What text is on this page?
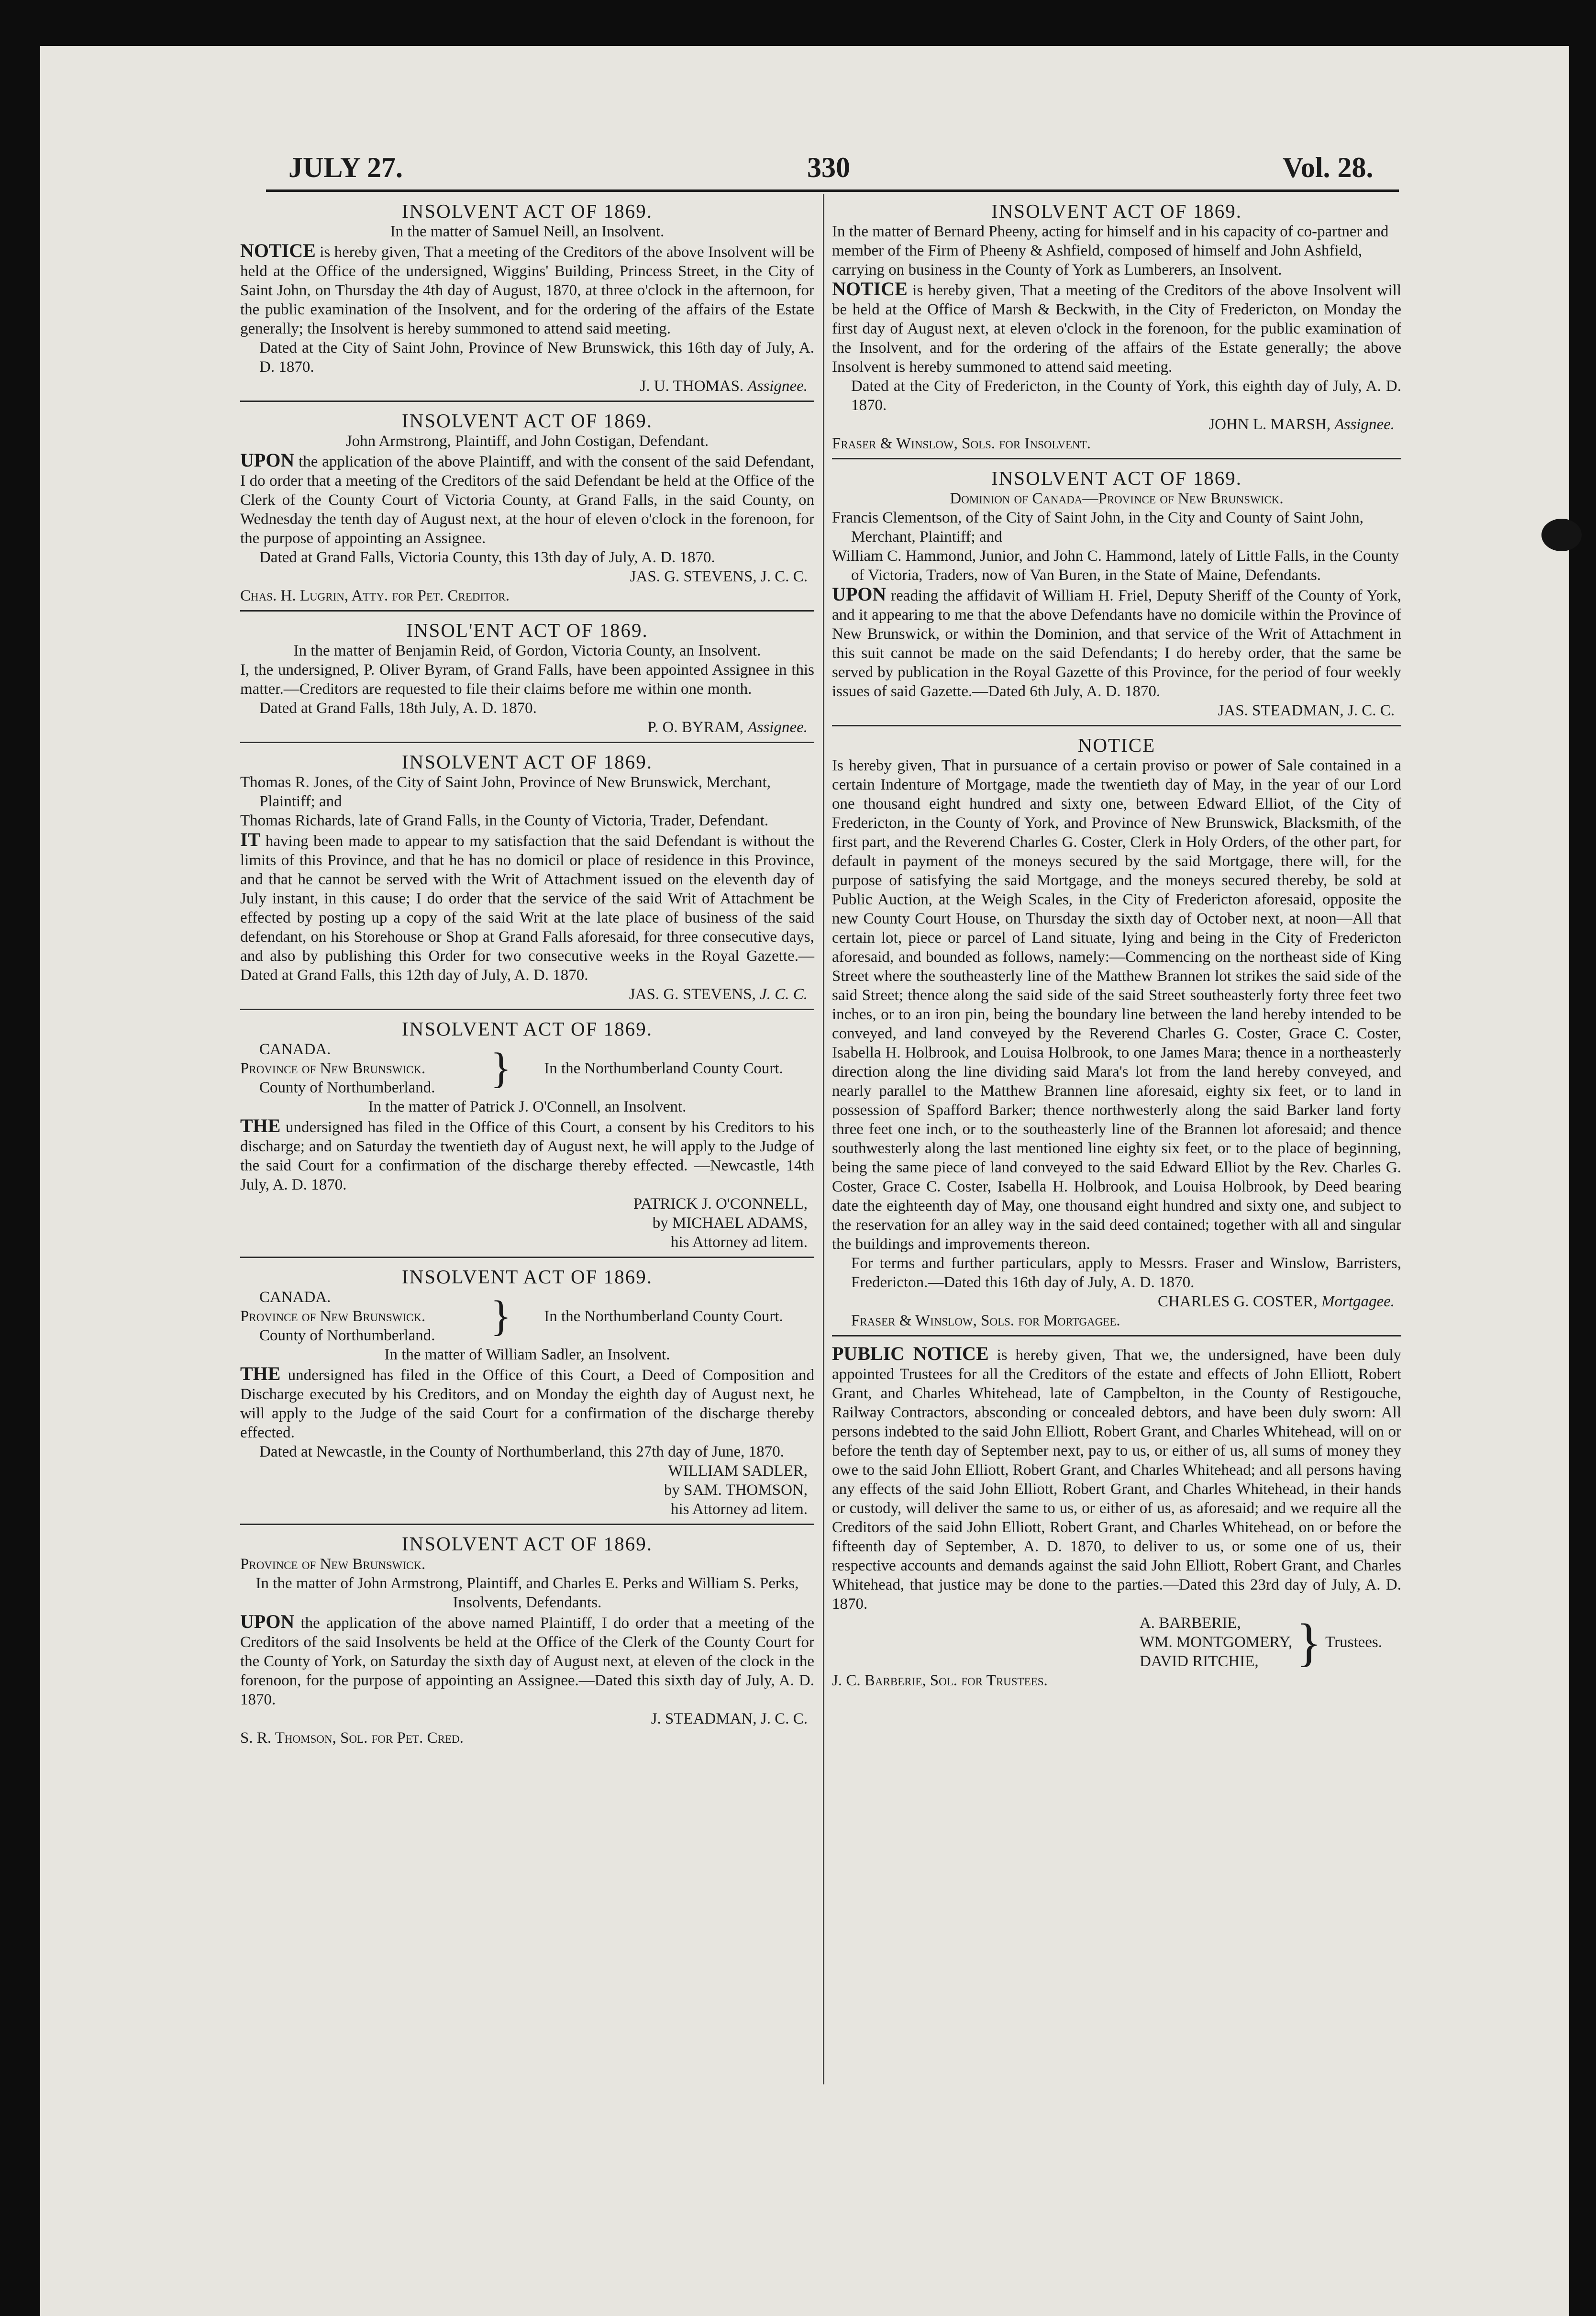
JULY 27.	330	Vol. 28.
INSOLVENT ACT OF 1869.
In the matter of Samuel Neill, an Insolvent.

NOTICE is hereby given, That a meeting of the Creditors of the above Insolvent will be held at the Office of the undersigned, Wiggins' Building, Princess Street, in the City of Saint John, on Thursday the 4th day of August, 1870, at three o'clock in the afternoon, for the public examination of the Insolvent, and for the ordering of the affairs of the Estate generally; the Insolvent is hereby summoned to attend said meeting.

Dated at the City of Saint John, Province of New Brunswick, this 16th day of July, A. D. 1870.

J. U. THOMAS. Assignee.
INSOLVENT ACT OF 1869.
John Armstrong, Plaintiff, and John Costigan, Defendant.

UPON the application of the above Plaintiff, and with the consent of the said Defendant, I do order that a meeting of the Creditors of the said Defendant be held at the Office of the Clerk of the County Court of Victoria County, at Grand Falls, in the said County, on Wednesday the tenth day of August next, at the hour of eleven o'clock in the forenoon, for the purpose of appointing an Assignee.

Dated at Grand Falls, Victoria County, this 13th day of July, A. D. 1870.

JAS. G. STEVENS, J. C. C.
Chas. H. Lugrin, Atty. for Pet. Creditor.
INSOL'ENT ACT OF 1869.
In the matter of Benjamin Reid, of Gordon, Victoria County, an Insolvent.

I, the undersigned, P. Oliver Byram, of Grand Falls, have been appointed Assignee in this matter.—Creditors are requested to file their claims before me within one month.

Dated at Grand Falls, 18th July, A. D. 1870.

P. O. BYRAM, Assignee.
INSOLVENT ACT OF 1869.
Thomas R. Jones, of the City of Saint John, Province of New Brunswick, Merchant, Plaintiff; and
Thomas Richards, late of Grand Falls, in the County of Victoria, Trader, Defendant.

IT having been made to appear to my satisfaction that the said Defendant is without the limits of this Province, and that he has no domicil or place of residence in this Province, and that he cannot be served with the Writ of Attachment issued on the eleventh day of July instant, in this cause; I do order that the service of the said Writ of Attachment be effected by posting up a copy of the said Writ at the late place of business of the said defendant, on his Storehouse or Shop at Grand Falls aforesaid, for three consecutive days, and also by publishing this Order for two consecutive weeks in the Royal Gazette.— Dated at Grand Falls, this 12th day of July, A. D. 1870.

JAS. G. STEVENS, J. C. C.
INSOLVENT ACT OF 1869.
CANADA.
Province of New Brunswick.
County of Northumberland.	}	In the Northumberland County Court.
In the matter of Patrick J. O'Connell, an Insolvent.

THE undersigned has filed in the Office of this Court, a consent by his Creditors to his discharge; and on Saturday the twentieth day of August next, he will apply to the Judge of the said Court for a confirmation of the discharge thereby effected. —Newcastle, 14th July, A. D. 1870.

PATRICK J. O'CONNELL,
by MICHAEL ADAMS,
his Attorney ad litem.
INSOLVENT ACT OF 1869.
CANADA.
Province of New Brunswick.
County of Northumberland.	}	In the Northumberland County Court.
In the matter of William Sadler, an Insolvent.

THE undersigned has filed in the Office of this Court, a Deed of Composition and Discharge executed by his Creditors, and on Monday the eighth day of August next, he will apply to the Judge of the said Court for a confirmation of the discharge thereby effected.

Dated at Newcastle, in the County of Northumberland, this 27th day of June, 1870.

WILLIAM SADLER,
by SAM. THOMSON,
his Attorney ad litem.
INSOLVENT ACT OF 1869.
Province of New Brunswick.
In the matter of John Armstrong, Plaintiff, and Charles E. Perks and William S. Perks, Insolvents, Defendants.

UPON the application of the above named Plaintiff, I do order that a meeting of the Creditors of the said Insolvents be held at the Office of the Clerk of the County Court for the County of York, on Saturday the sixth day of August next, at eleven of the clock in the forenoon, for the purpose of appointing an Assignee.—Dated this sixth day of July, A. D. 1870.

J. STEADMAN, J. C. C.
S. R. Thomson, Sol. for Pet. Cred.
INSOLVENT ACT OF 1869.
In the matter of Bernard Pheeny, acting for himself and in his capacity of co-partner and member of the Firm of Pheeny & Ashfield, composed of himself and John Ashfield, carrying on business in the County of York as Lumberers, an Insolvent.

NOTICE is hereby given, That a meeting of the Creditors of the above Insolvent will be held at the Office of Marsh & Beckwith, in the City of Fredericton, on Monday the first day of August next, at eleven o'clock in the forenoon, for the public examination of the Insolvent, and for the ordering of the affairs of the Estate generally; the above Insolvent is hereby summoned to attend said meeting.

Dated at the City of Fredericton, in the County of York, this eighth day of July, A. D. 1870.

JOHN L. MARSH, Assignee.
Fraser & Winslow, Sols. for Insolvent.
INSOLVENT ACT OF 1869.
Dominion of Canada—Province of New Brunswick.
Francis Clementson, of the City of Saint John, in the City and County of Saint John, Merchant, Plaintiff; and
William C. Hammond, Junior, and John C. Hammond, lately of Little Falls, in the County of Victoria, Traders, now of Van Buren, in the State of Maine, Defendants.

UPON reading the affidavit of William H. Friel, Deputy Sheriff of the County of York, and it appearing to me that the above Defendants have no domicile within the Province of New Brunswick, or within the Dominion, and that service of the Writ of Attachment in this suit cannot be made on the said Defendants; I do hereby order, that the same be served by publication in the Royal Gazette of this Province, for the period of four weekly issues of said Gazette.—Dated 6th July, A. D. 1870.

JAS. STEADMAN, J. C. C.
NOTICE

Is hereby given, That in pursuance of a certain proviso or power of Sale contained in a certain Indenture of Mortgage, made the twentieth day of May, in the year of our Lord one thousand eight hundred and sixty one, between Edward Elliot, of the City of Fredericton, in the County of York, and Province of New Brunswick, Blacksmith, of the first part, and the Reverend Charles G. Coster, Clerk in Holy Orders, of the other part, for default in payment of the moneys secured by the said Mortgage, there will, for the purpose of satisfying the said Mortgage, and the moneys secured thereby, be sold at Public Auction, at the Weigh Scales, in the City of Fredericton aforesaid, opposite the new County Court House, on Thursday the sixth day of October next, at noon—All that certain lot, piece or parcel of Land situate, lying and being in the City of Fredericton aforesaid, and bounded as follows, namely:—Commencing on the northeast side of King Street where the southeasterly line of the Matthew Brannen lot strikes the said side of the said Street; thence along the said side of the said Street southeasterly forty three feet two inches, or to an iron pin, being the boundary line between the land hereby intended to be conveyed, and land conveyed by the Reverend Charles G. Coster, Grace C. Coster, Isabella H. Holbrook, and Louisa Holbrook, to one James Mara; thence in a northeasterly direction along the line dividing said Mara's lot from the land hereby conveyed, and nearly parallel to the Matthew Brannen line aforesaid, eighty six feet, or to land in possession of Spafford Barker; thence northwesterly along the said Barker land forty three feet one inch, or to the southeasterly line of the Brannen lot aforesaid; and thence southwesterly along the last mentioned line eighty six feet, or to the place of beginning, being the same piece of land conveyed to the said Edward Elliot by the Rev. Charles G. Coster, Grace C. Coster, Isabella H. Holbrook, and Louisa Holbrook, by Deed bearing date the eighteenth day of May, one thousand eight hundred and sixty one, and subject to the reservation for an alley way in the said deed contained; together with all and singular the buildings and improvements thereon.

For terms and further particulars, apply to Messrs. Fraser and Winslow, Barristers, Fredericton.—Dated this 16th day of July, A. D. 1870.

CHARLES G. COSTER, Mortgagee.
Fraser & Winslow, Sols. for Mortgagee.

PUBLIC NOTICE is hereby given, That we, the undersigned, have been duly appointed Trustees for all the Creditors of the estate and effects of John Elliott, Robert Grant, and Charles Whitehead, late of Campbelton, in the County of Restigouche, Railway Contractors, absconding or concealed debtors, and have been duly sworn: All persons indebted to the said John Elliott, Robert Grant, and Charles Whitehead, will on or before the tenth day of September next, pay to us, or either of us, all sums of money they owe to the said John Elliott, Robert Grant, and Charles Whitehead; and all persons having any effects of the said John Elliott, Robert Grant, and Charles Whitehead, in their hands or custody, will deliver the same to us, or either of us, as aforesaid; and we require all the Creditors of the said John Elliott, Robert Grant, and Charles Whitehead, on or before the fifteenth day of September, A. D. 1870, to deliver to us, or some one of us, their respective accounts and demands against the said John Elliott, Robert Grant, and Charles Whitehead, that justice may be done to the parties.—Dated this 23rd day of July, A. D. 1870.

A. BARBERIE,
WM. MONTGOMERY,
DAVID RITCHIE, } Trustees.
J. C. Barberie, Sol. for Trustees.
